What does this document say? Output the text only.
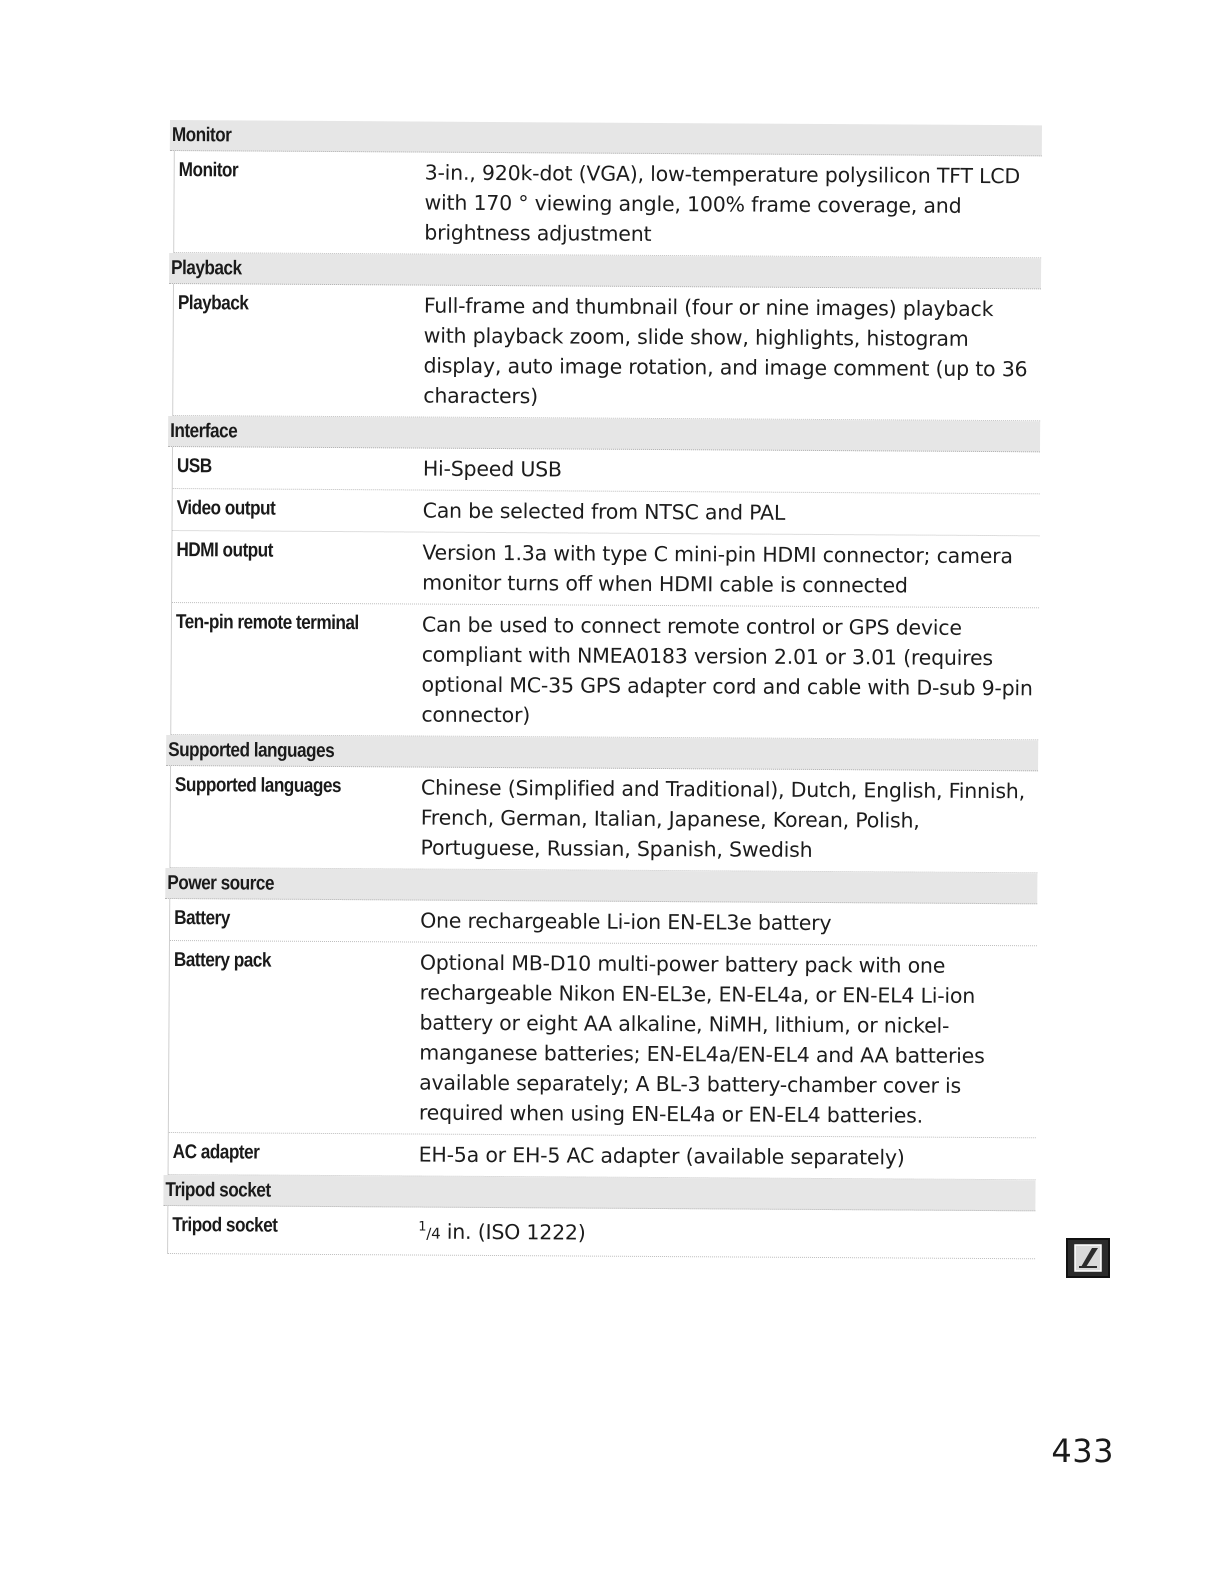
Monitor
Monitor	3-in., 920k-dot (VGA), low-temperature polysilicon TFT LCD with 170 ° viewing angle, 100% frame coverage, and brightness adjustment
Playback
Playback	Full-frame and thumbnail (four or nine images) playback with playback zoom, slide show, highlights, histogram display, auto image rotation, and image comment (up to 36 characters)
Interface
USB	Hi-Speed USB
Video output	Can be selected from NTSC and PAL
HDMI output	Version 1.3a with type C mini-pin HDMI connector; camera monitor turns off when HDMI cable is connected
Ten-pin remote terminal	Can be used to connect remote control or GPS device compliant with NMEA0183 version 2.01 or 3.01 (requires optional MC-35 GPS adapter cord and cable with D-sub 9-pin connector)
Supported languages
Supported languages	Chinese (Simplified and Traditional), Dutch, English, Finnish, French, German, Italian, Japanese, Korean, Polish, Portuguese, Russian, Spanish, Swedish
Power source
Battery	One rechargeable Li-ion EN-EL3e battery
Battery pack	Optional MB-D10 multi-power battery pack with one rechargeable Nikon EN-EL3e, EN-EL4a, or EN-EL4 Li-ion battery or eight AA alkaline, NiMH, lithium, or nickel-manganese batteries; EN-EL4a/EN-EL4 and AA batteries available separately; A BL-3 battery-chamber cover is required when using EN-EL4a or EN-EL4 batteries.
AC adapter	EH-5a or EH-5 AC adapter (available separately)
Tripod socket
Tripod socket	$^1$/4 in. (ISO 1222)
433
